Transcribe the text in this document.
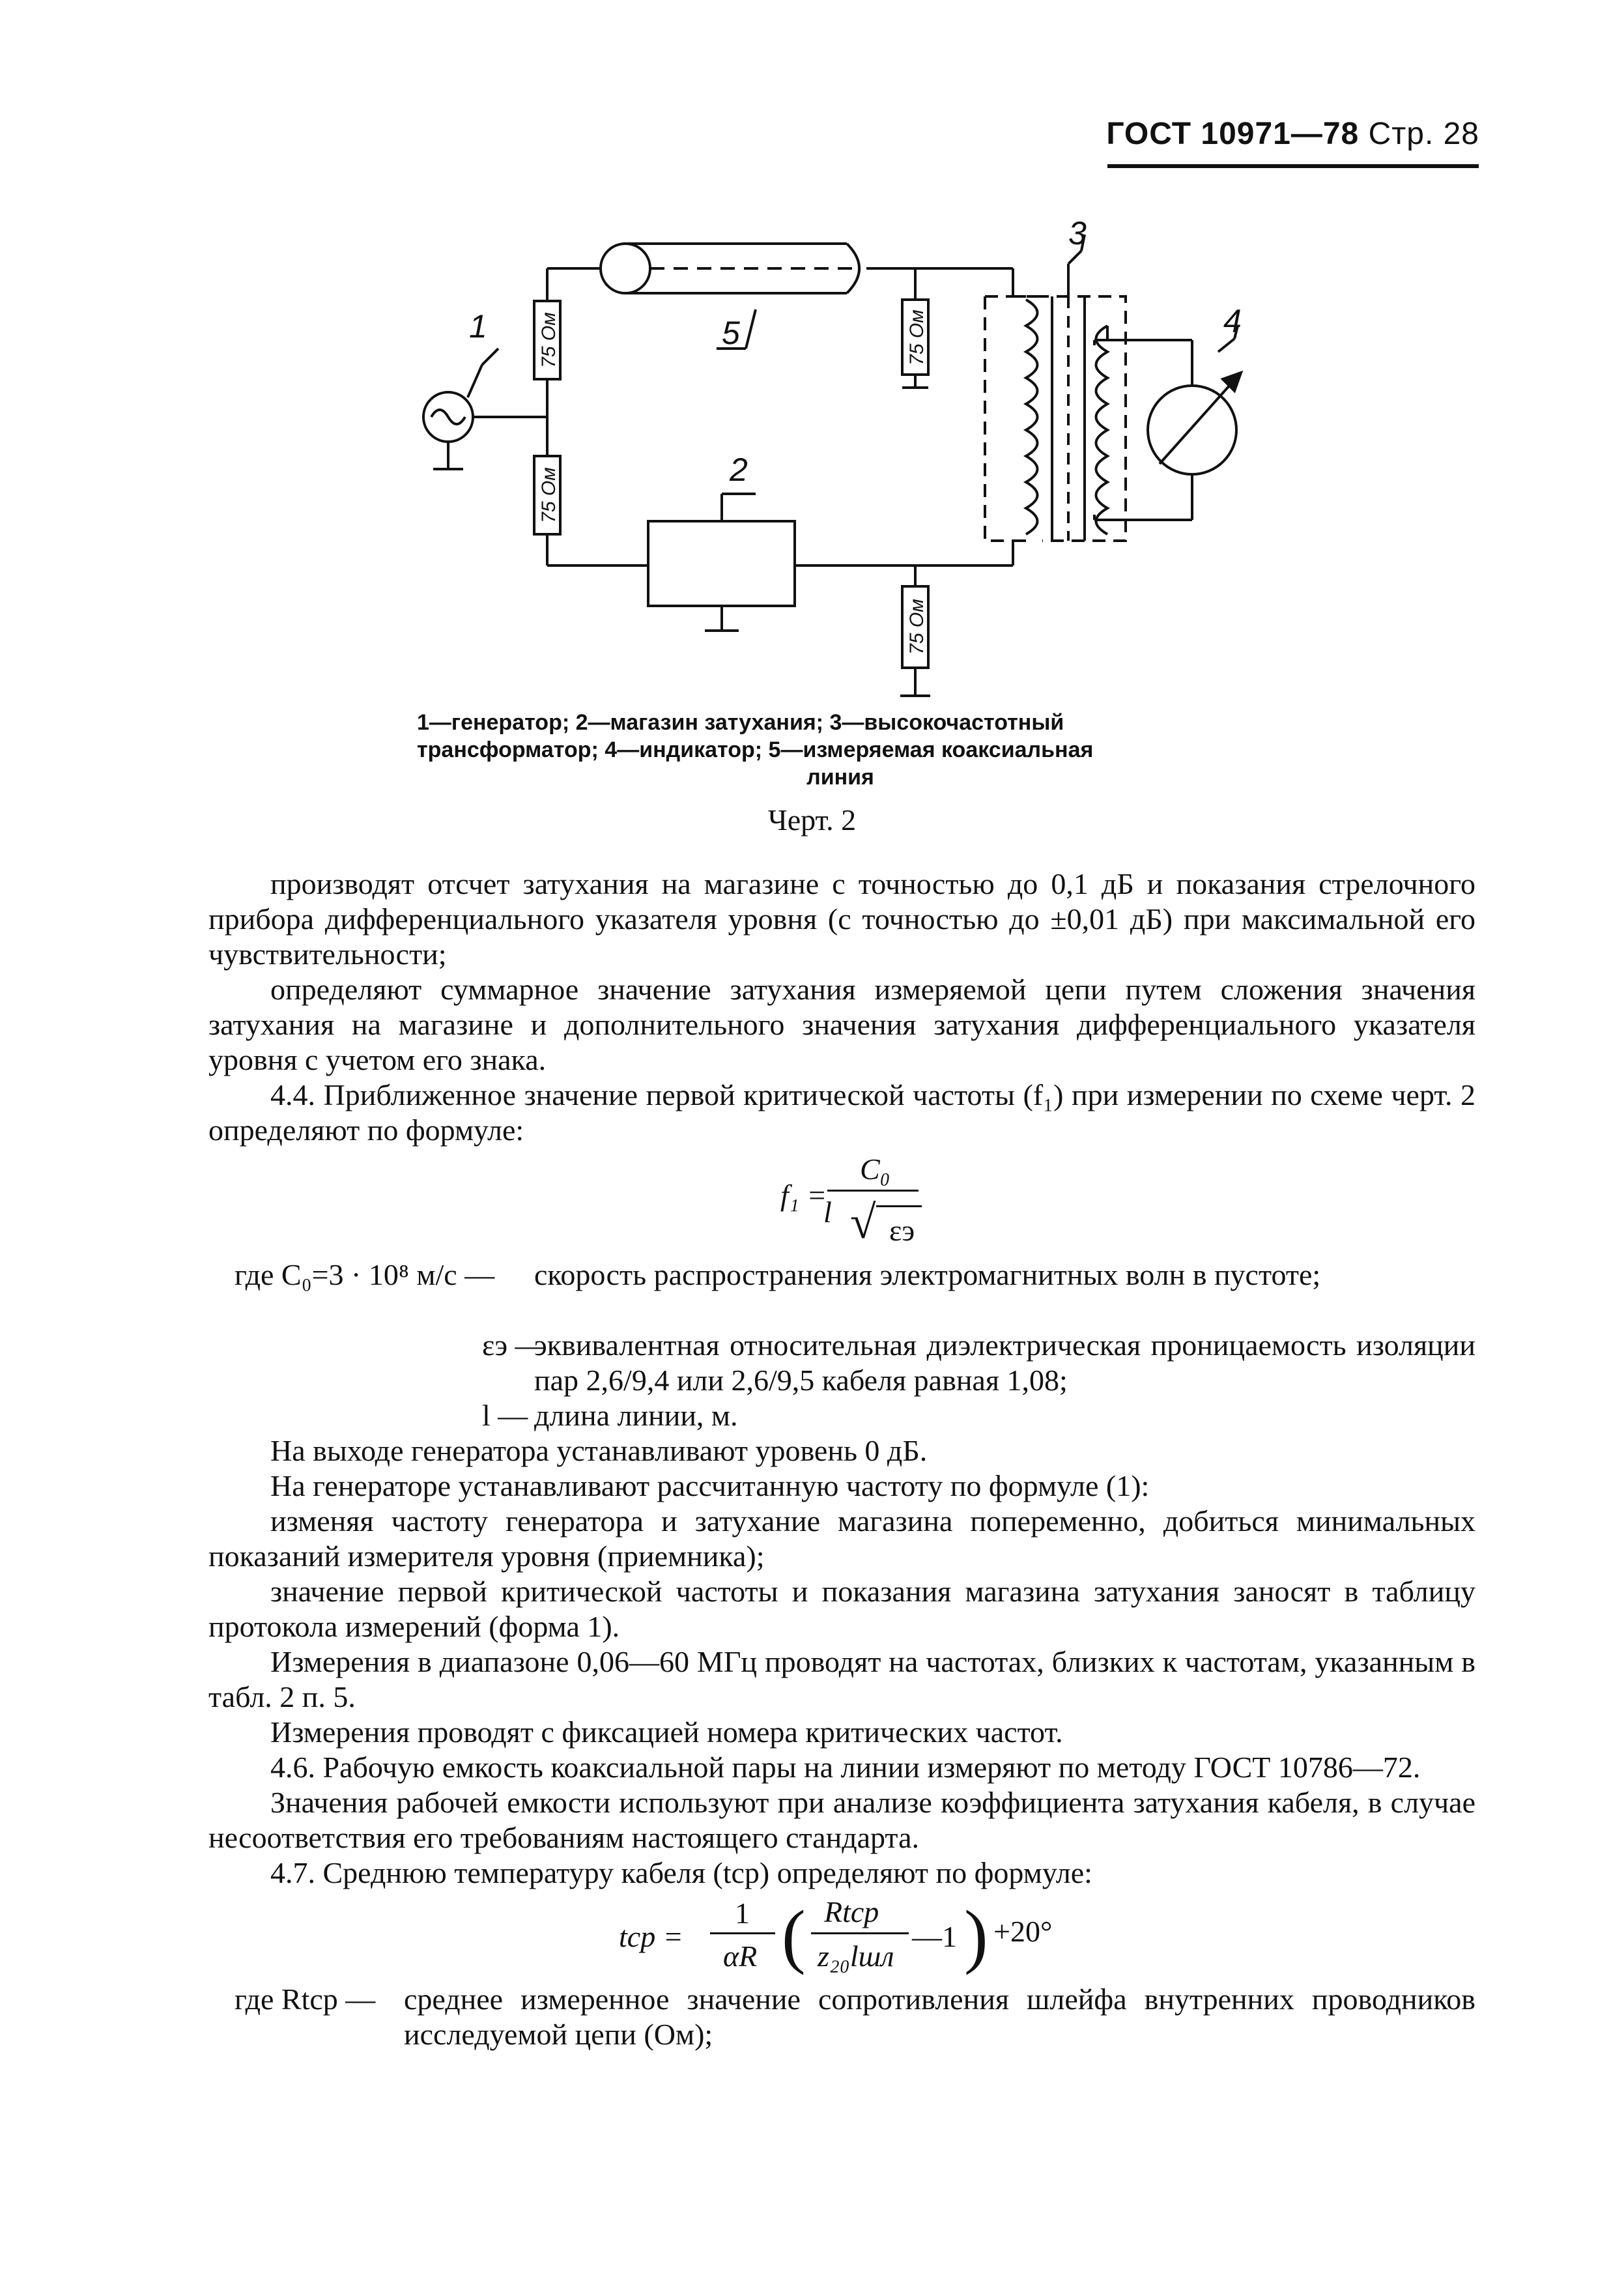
ГОСТ 10971—78 Стр. 28
1	75 Ом
75 Ом
5	75 Ом
2
75 Ом
3
4
1—генератор; 2—магазин затухания; 3—высокочастотный
трансформатор; 4—индикатор; 5—измеряемая коаксиальная
линия
Черт. 2

производят отсчет затухания на магазине с точностью до 0,1 дБ и показания стрелочного прибора дифференциального указателя уровня (с точностью до ±0,01 дБ) при максимальной его чувствительности;

определяют суммарное значение затухания измеряемой цепи путем сложения значения затухания на магазине и дополнительного значения затухания дифференциального указателя уровня с учетом его знака.

4.4. Приближенное значение первой критической частоты (f₁) при измерении по схеме черт. 2 определяют по формуле:

f₁ =
C₀
l √ εэ
где C₀=3 · 10⁸ м/с — скорость распространения электромагнитных волн в пустоте;
εэ —
эквивалентная относительная диэлектрическая проницаемость изоляции пар 2,6/9,4 или 2,6/9,5 кабеля равная 1,08;
l — длина линии, м.

На выходе генератора устанавливают уровень 0 дБ.

На генераторе устанавливают рассчитанную частоту по формуле (1):

изменяя частоту генератора и затухание магазина попеременно, добиться минимальных показаний измерителя уровня (приемника);

значение первой критической частоты и показания магазина затухания заносят в таблицу протокола измерений (форма 1).

Измерения в диапазоне 0,06—60 МГц проводят на частотах, близких к частотам, указанным в табл. 2 п. 5.

Измерения проводят с фиксацией номера критических частот.

4.6. Рабочую емкость коаксиальной пары на линии измеряют по методу ГОСТ 10786—72.

Значения рабочей емкости используют при анализе коэффициента затухания кабеля, в случае несоответствия его требованиям настоящего стандарта.

4.7. Среднюю температуру кабеля (tср) определяют по формуле:

tср =
1
αR ( Rtср
z₂₀lшл
—1 ) +20°
где Rtср — среднее измеренное значение сопротивления шлейфа внутренних проводников исследуемой цепи (Ом);
